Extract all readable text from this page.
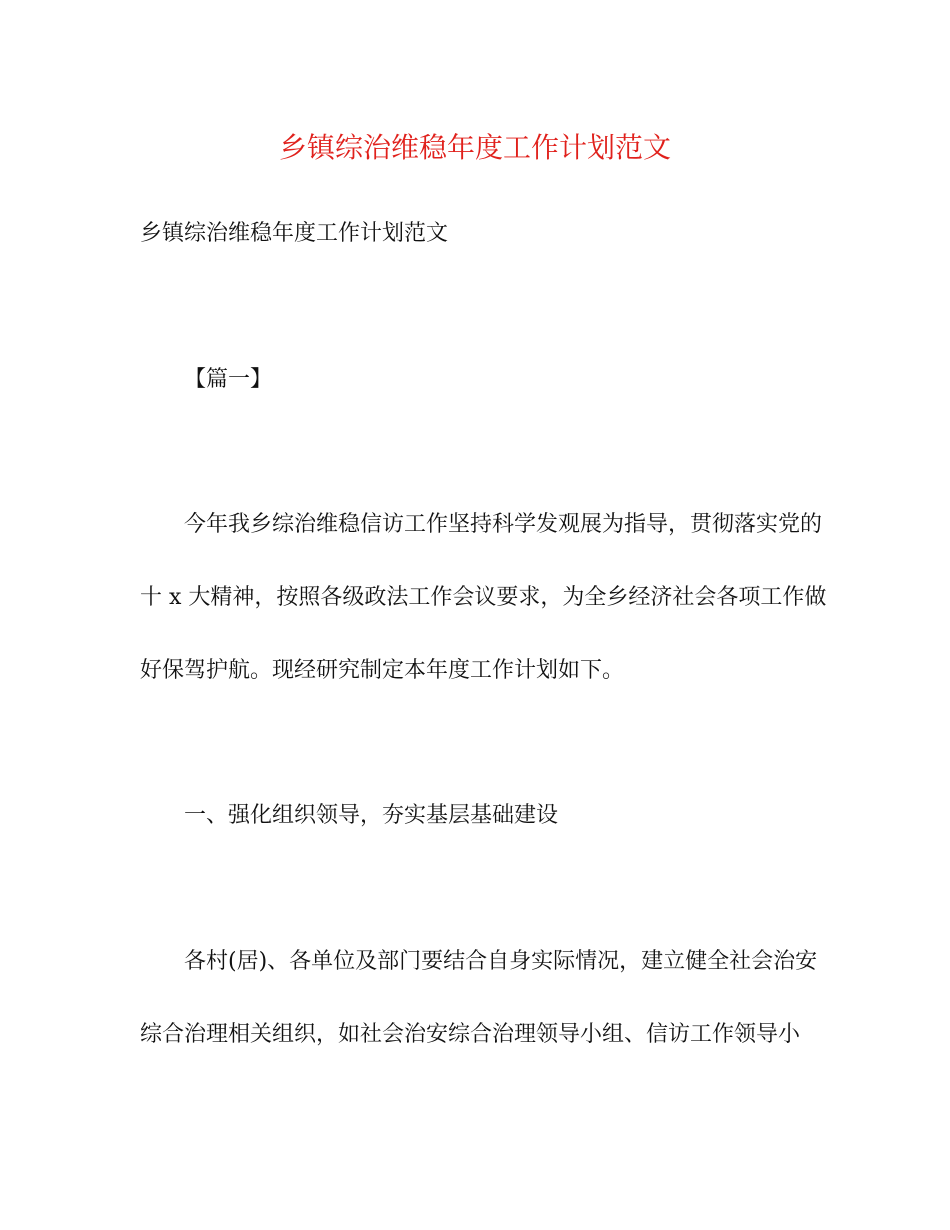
乡镇综治维稳年度工作计划范文
乡镇综治维稳年度工作计划范文
【篇一】
今年我乡综治维稳信访工作坚持科学发观展为指导，贯彻落实党的
十 x 大精神，按照各级政法工作会议要求，为全乡经济社会各项工作做
好保驾护航。现经研究制定本年度工作计划如下。
一、强化组织领导，夯实基层基础建设
各村(居)、各单位及部门要结合自身实际情况，建立健全社会治安
综合治理相关组织，如社会治安综合治理领导小组、信访工作领导小
